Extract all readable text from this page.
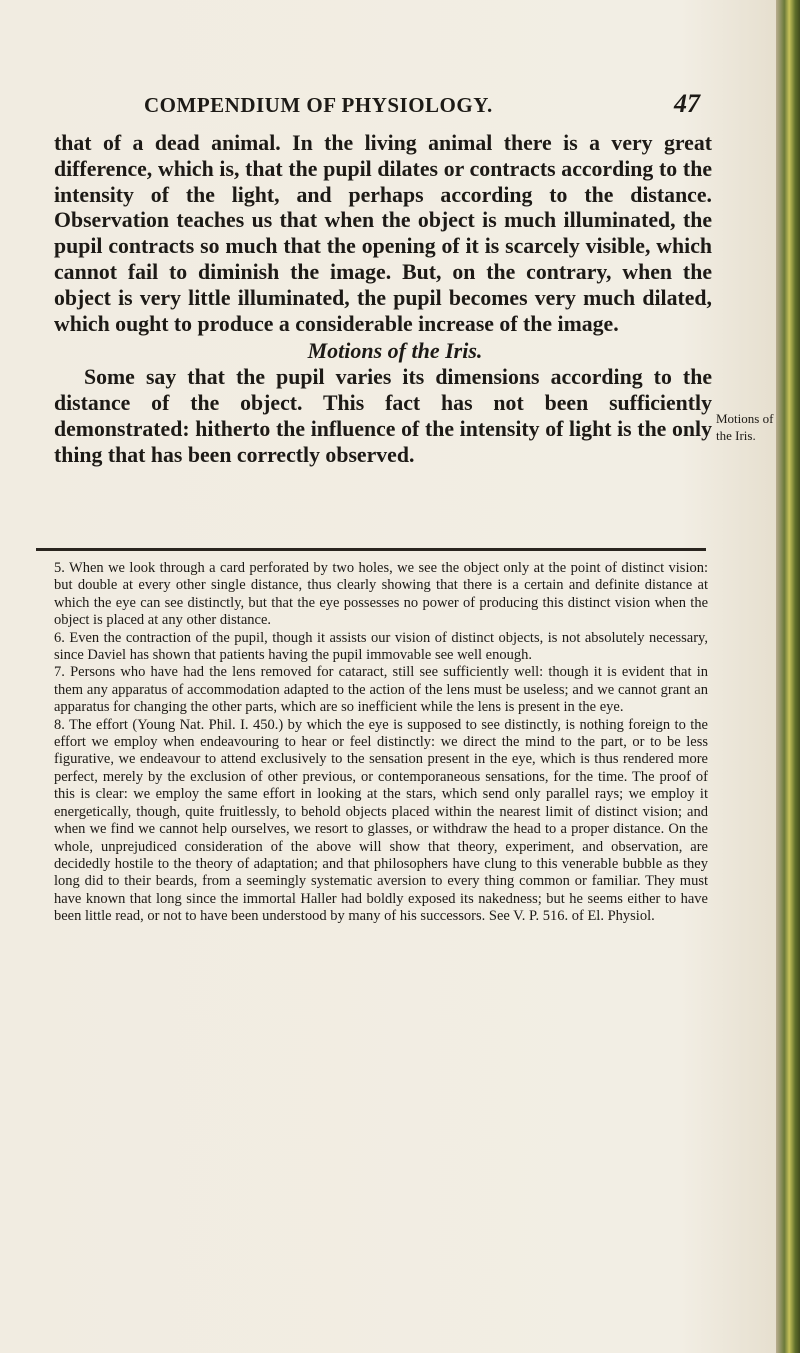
COMPENDIUM OF PHYSIOLOGY.	47

that of a dead animal. In the living animal there is a very great difference, which is, that the pupil dilates or contracts according to the intensity of the light, and perhaps according to the distance. Observation teaches us that when the object is much illuminated, the pupil contracts so much that the opening of it is scarcely visible, which cannot fail to diminish the image. But, on the contrary, when the object is very little illuminated, the pupil becomes very much dilated, which ought to produce a considerable increase of the image.

Motions of the Iris.

Some say that the pupil varies its dimensions according to the distance of the object. This fact has not been sufficiently demonstrated: hitherto the influence of the intensity of light is the only thing that has been correctly observed.

Motions of
the Iris.

5. When we look through a card perforated by two holes, we see the object only at the point of distinct vision: but double at every other single distance, thus clearly showing that there is a certain and definite distance at which the eye can see distinctly, but that the eye possesses no power of producing this distinct vision when the object is placed at any other distance.

6. Even the contraction of the pupil, though it assists our vision of distinct objects, is not absolutely necessary, since Daviel has shown that patients having the pupil immovable see well enough.

7. Persons who have had the lens removed for cataract, still see sufficiently well: though it is evident that in them any apparatus of accommodation adapted to the action of the lens must be useless; and we cannot grant an apparatus for changing the other parts, which are so inefficient while the lens is present in the eye.

8. The effort (Young Nat. Phil. I. 450.) by which the eye is supposed to see distinctly, is nothing foreign to the effort we employ when endeavouring to hear or feel distinctly: we direct the mind to the part, or to be less figurative, we endeavour to attend exclusively to the sensation present in the eye, which is thus rendered more perfect, merely by the exclusion of other previous, or contemporaneous sensations, for the time. The proof of this is clear: we employ the same effort in looking at the stars, which send only parallel rays; we employ it energetically, though, quite fruitlessly, to behold objects placed within the nearest limit of distinct vision; and when we find we cannot help ourselves, we resort to glasses, or withdraw the head to a proper distance. On the whole, unprejudiced consideration of the above will show that theory, experiment, and observation, are decidedly hostile to the theory of adaptation; and that philosophers have clung to this venerable bubble as they long did to their beards, from a seemingly systematic aversion to every thing common or familiar. They must have known that long since the immortal Haller had boldly exposed its nakedness; but he seems either to have been little read, or not to have been understood by many of his successors. See V. P. 516. of El. Physiol.
